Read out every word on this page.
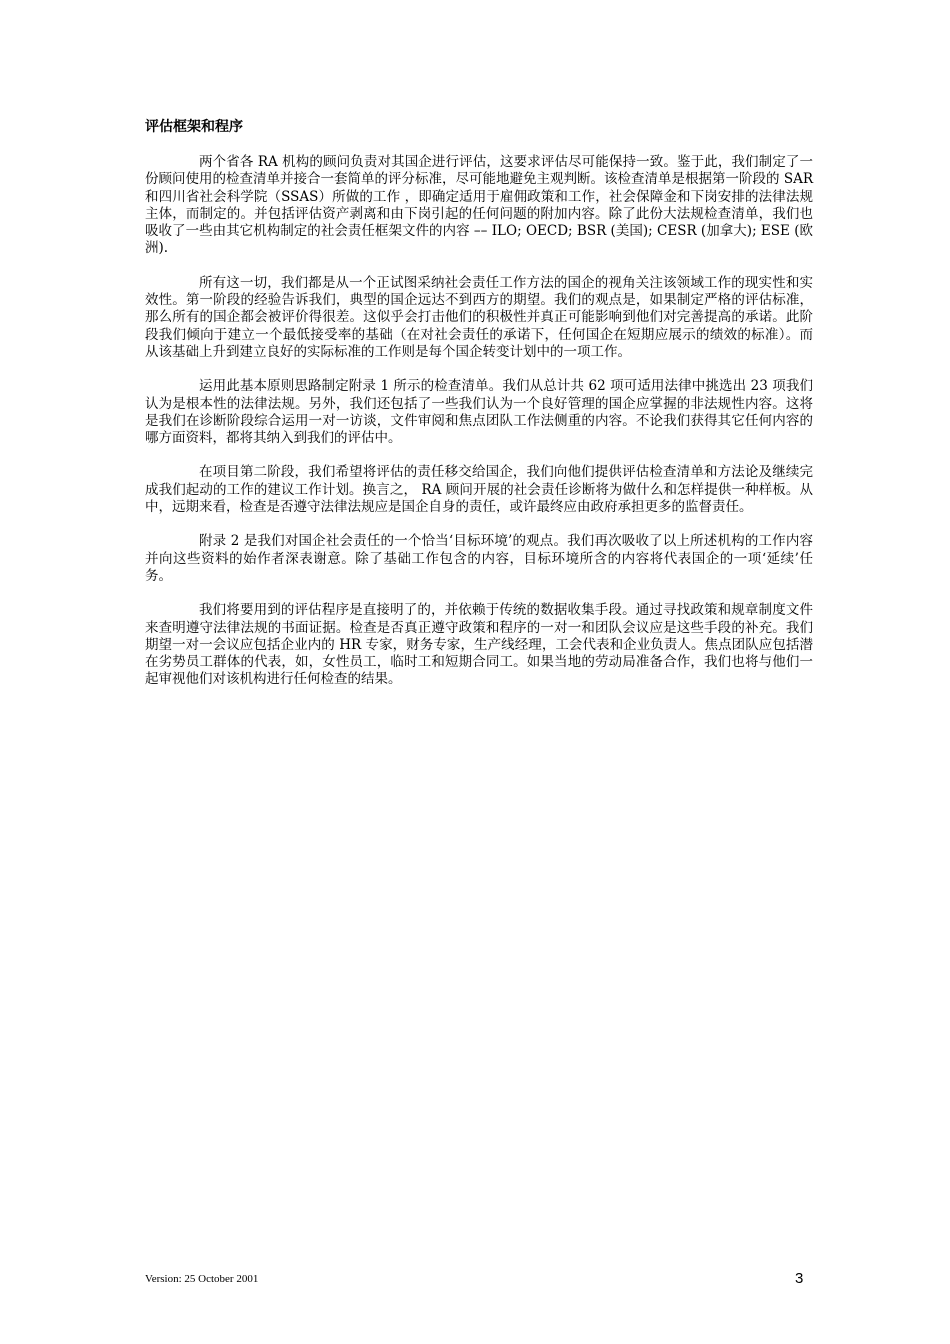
评估框架和程序

两个省各 RA 机构的顾问负责对其国企进行评估，这要求评估尽可能保持一致。鉴于此，我们制定了一份顾问使用的检查清单并接合一套简单的评分标准，尽可能地避免主观判断。该检查清单是根据第一阶段的 SAR 和四川省社会科学院（SSAS）所做的工作 ，即确定适用于雇佣政策和工作，社会保障金和下岗安排的法律法规主体，而制定的。并包括评估资产剥离和由下岗引起的任何问题的附加内容。除了此份大法规检查清单，我们也吸收了一些由其它机构制定的社会责任框架文件的内容 –– ILO; OECD; BSR (美国); CESR (加拿大); ESE (欧洲).

所有这一切，我们都是从一个正试图采纳社会责任工作方法的国企的视角关注该领域工作的现实性和实效性。第一阶段的经验告诉我们，典型的国企远达不到西方的期望。我们的观点是，如果制定严格的评估标准，那么所有的国企都会被评价得很差。这似乎会打击他们的积极性并真正可能影响到他们对完善提高的承诺。此阶段我们倾向于建立一个最低接受率的基础（在对社会责任的承诺下，任何国企在短期应展示的绩效的标准）。而从该基础上升到建立良好的实际标准的工作则是每个国企转变计划中的一项工作。

运用此基本原则思路制定附录 1 所示的检查清单。我们从总计共 62 项可适用法律中挑选出 23 项我们认为是根本性的法律法规。另外，我们还包括了一些我们认为一个良好管理的国企应掌握的非法规性内容。这将是我们在诊断阶段综合运用一对一访谈，文件审阅和焦点团队工作法侧重的内容。不论我们获得其它任何内容的哪方面资料，都将其纳入到我们的评估中。

在项目第二阶段，我们希望将评估的责任移交给国企，我们向他们提供评估检查清单和方法论及继续完成我们起动的工作的建议工作计划。换言之， RA 顾问开展的社会责任诊断将为做什么和怎样提供一种样板。从中，远期来看，检查是否遵守法律法规应是国企自身的责任，或许最终应由政府承担更多的监督责任。

附录 2 是我们对国企社会责任的一个恰当‘目标环境’的观点。我们再次吸收了以上所述机构的工作内容并向这些资料的始作者深表谢意。除了基础工作包含的内容，目标环境所含的内容将代表国企的一项‘延续’任务。

我们将要用到的评估程序是直接明了的，并依赖于传统的数据收集手段。通过寻找政策和规章制度文件来查明遵守法律法规的书面证据。检查是否真正遵守政策和程序的一对一和团队会议应是这些手段的补充。我们期望一对一会议应包括企业内的 HR 专家，财务专家，生产线经理，工会代表和企业负责人。焦点团队应包括潜在劣势员工群体的代表，如，女性员工，临时工和短期合同工。如果当地的劳动局准备合作，我们也将与他们一起审视他们对该机构进行任何检查的结果。

Version: 25 October 2001	3
